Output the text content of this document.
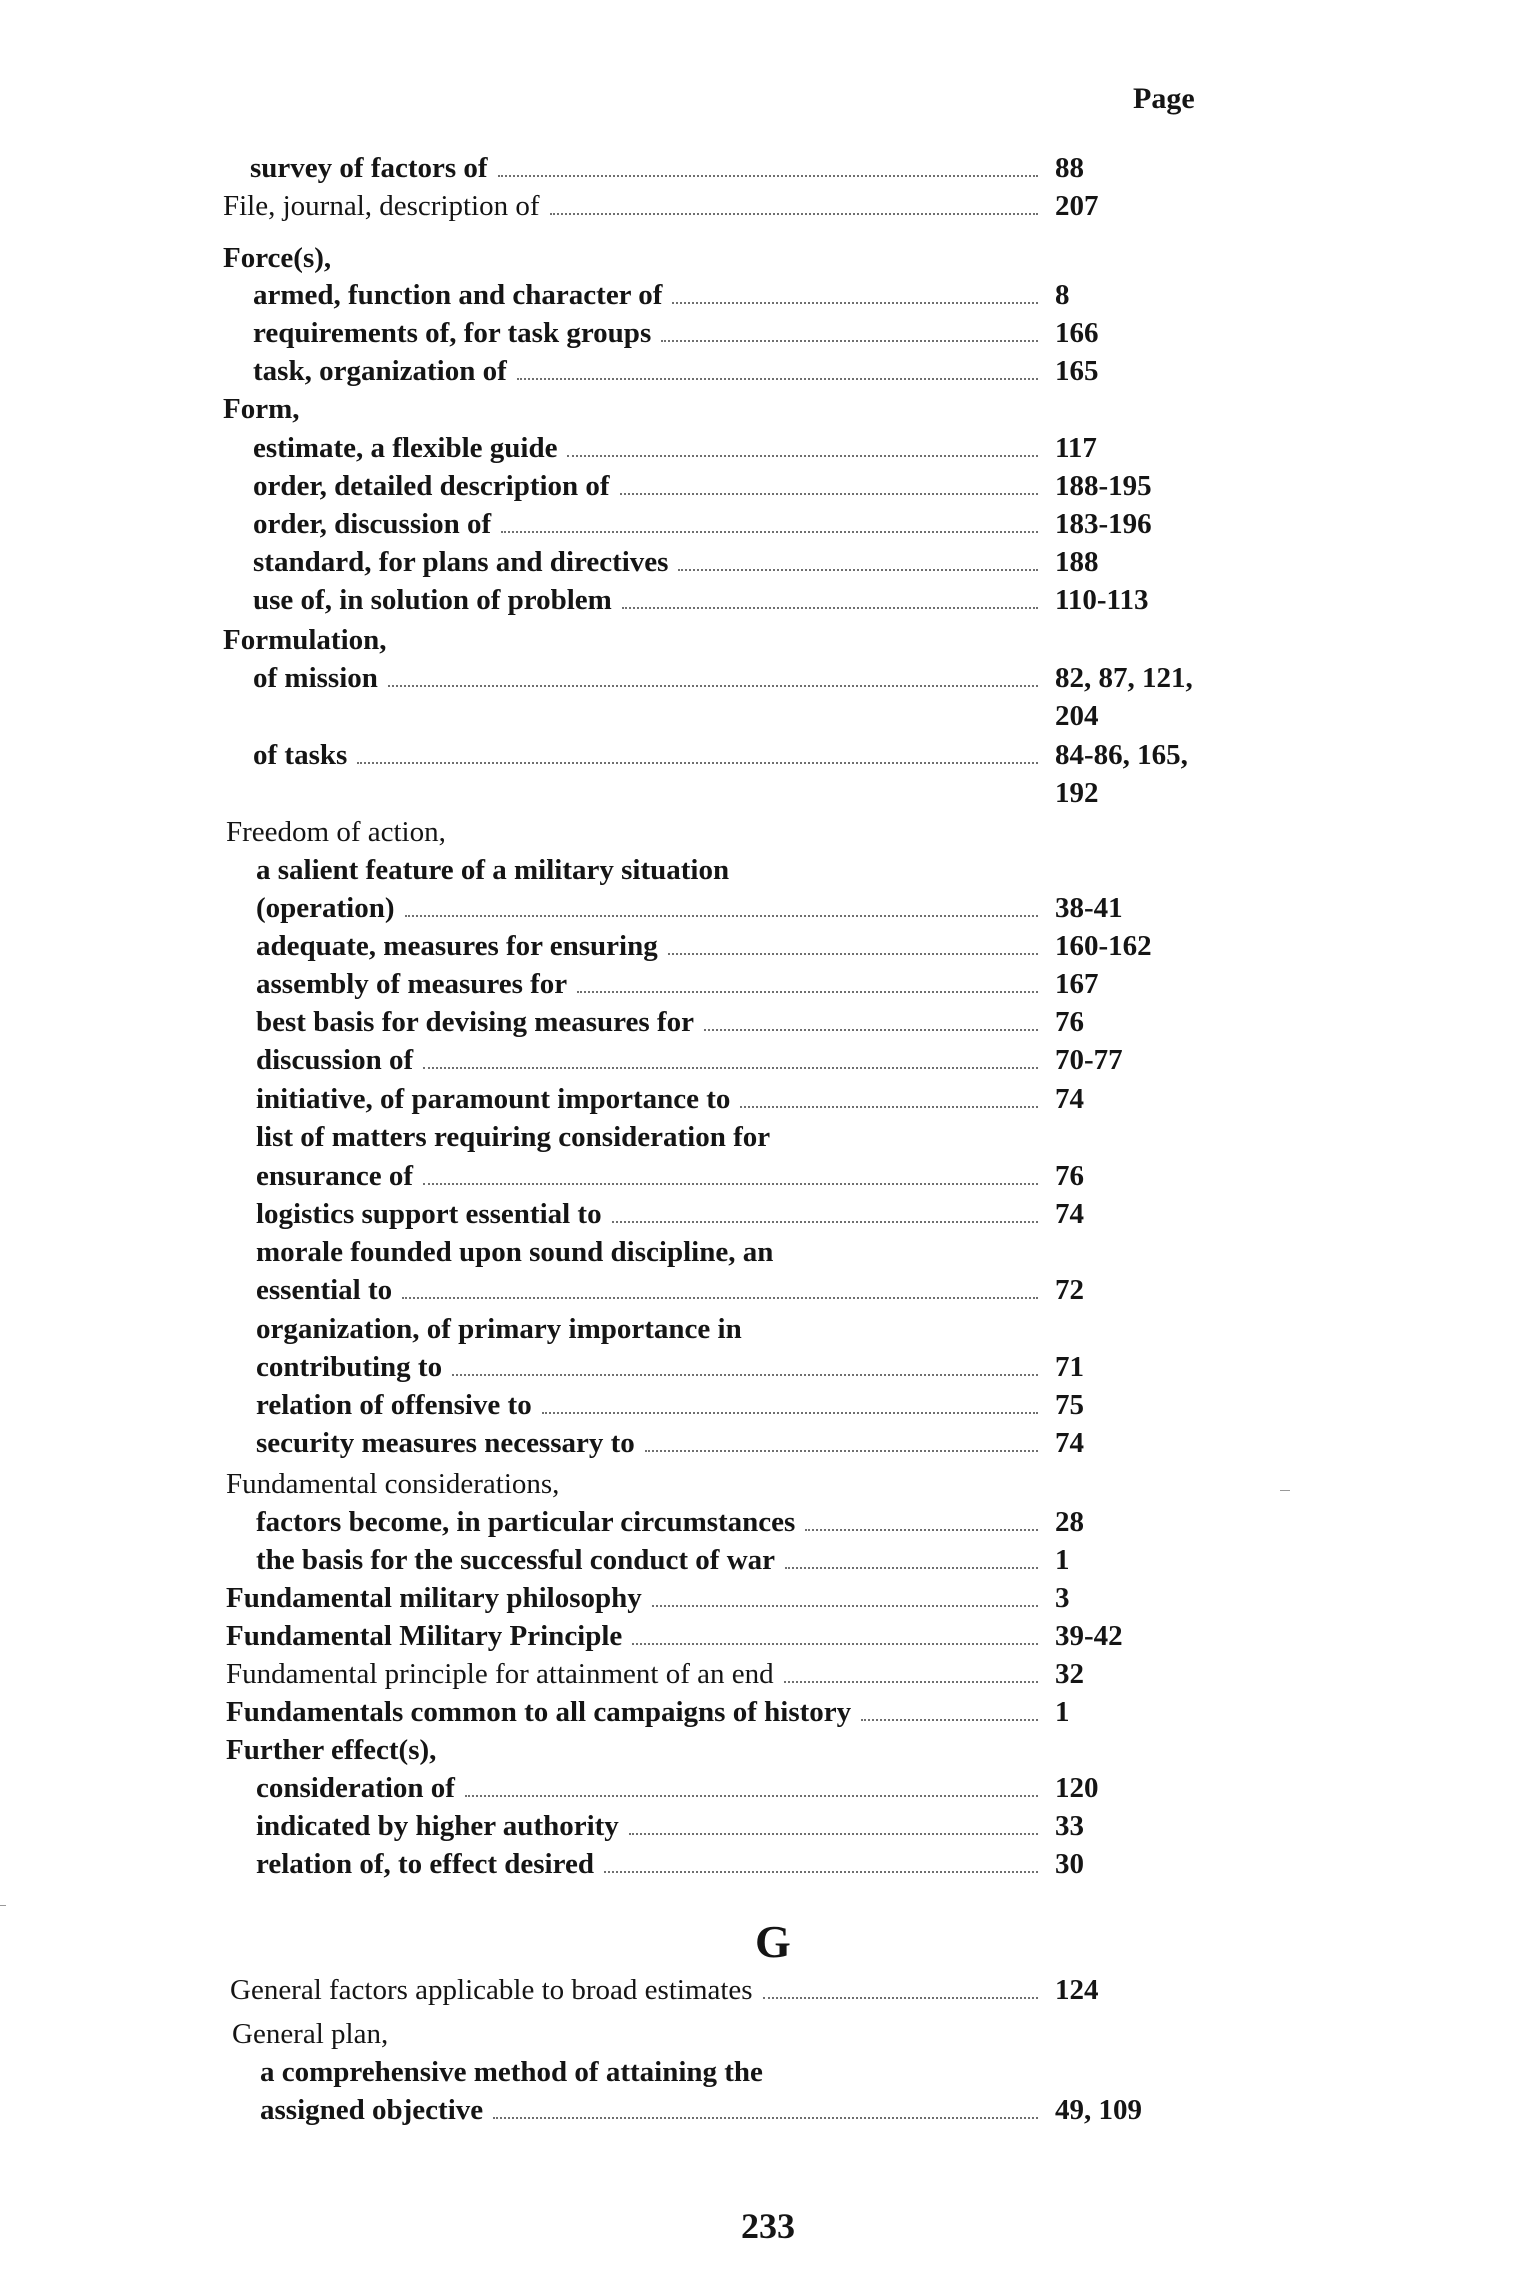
Page
survey of factors of	88
File, journal, description of	207
Force(s),
armed, function and character of	8
requirements of, for task groups	166
task, organization of	165
Form,
estimate, a flexible guide	117
order, detailed description of	188-195
order, discussion of	183-196
standard, for plans and directives	188
use of, in solution of problem	110-113
Formulation,
of mission	82, 87, 121,
204
of tasks	84-86, 165,
192
Freedom of action,
a salient feature of a military situation
(operation)	38-41
adequate, measures for ensuring	160-162
assembly of measures for	167
best basis for devising measures for	76
discussion of	70-77
initiative, of paramount importance to	74
list of matters requiring consideration for
ensurance of	76
logistics support essential to	74
morale founded upon sound discipline, an
essential to	72
organization, of primary importance in
contributing to	71
relation of offensive to	75
security measures necessary to	74
Fundamental considerations,
factors become, in particular circumstances	28
the basis for the successful conduct of war	1
Fundamental military philosophy	3
Fundamental Military Principle	39-42
Fundamental principle for attainment of an end	32
Fundamentals common to all campaigns of history	1
Further effect(s),
consideration of	120
indicated by higher authority	33
relation of, to effect desired	30
General factors applicable to broad estimates	124
General plan,
a comprehensive method of attaining the
assigned objective	49, 109
G
233
